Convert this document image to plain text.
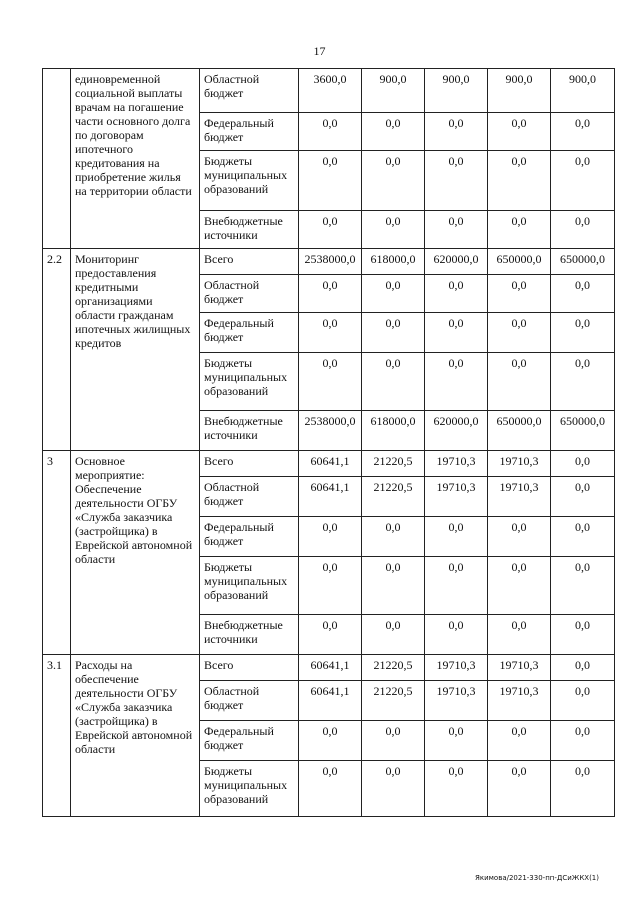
17
	единовременной социальной выплаты врачам на погашение части основного долга по договорам ипотечного кредитования на приобретение жилья на территории области	Областной бюджет	3600,0	900,0	900,0	900,0	900,0
		Федеральный бюджет	0,0	0,0	0,0	0,0	0,0
		Бюджеты муниципальных образований	0,0	0,0	0,0	0,0	0,0
		Внебюджетные источники	0,0	0,0	0,0	0,0	0,0
2.2	Мониторинг предоставления кредитными организациями области гражданам ипотечных жилищных кредитов	Всего	2538000,0	618000,0	620000,0	650000,0	650000,0
		Областной бюджет	0,0	0,0	0,0	0,0	0,0
		Федеральный бюджет	0,0	0,0	0,0	0,0	0,0
		Бюджеты муниципальных образований	0,0	0,0	0,0	0,0	0,0
		Внебюджетные источники	2538000,0	618000,0	620000,0	650000,0	650000,0
3	Основное мероприятие: Обеспечение деятельности ОГБУ «Служба заказчика (застройщика) в Еврейской автономной области	Всего	60641,1	21220,5	19710,3	19710,3	0,0
		Областной бюджет	60641,1	21220,5	19710,3	19710,3	0,0
		Федеральный бюджет	0,0	0,0	0,0	0,0	0,0
		Бюджеты муниципальных образований	0,0	0,0	0,0	0,0	0,0
		Внебюджетные источники	0,0	0,0	0,0	0,0	0,0
3.1	Расходы на обеспечение деятельности ОГБУ «Служба заказчика (застройщика) в Еврейской автономной области	Всего	60641,1	21220,5	19710,3	19710,3	0,0
		Областной бюджет	60641,1	21220,5	19710,3	19710,3	0,0
		Федеральный бюджет	0,0	0,0	0,0	0,0	0,0
		Бюджеты муниципальных образований	0,0	0,0	0,0	0,0	0,0
Якимова/2021-330-пп-ДСиЖКХ(1)
